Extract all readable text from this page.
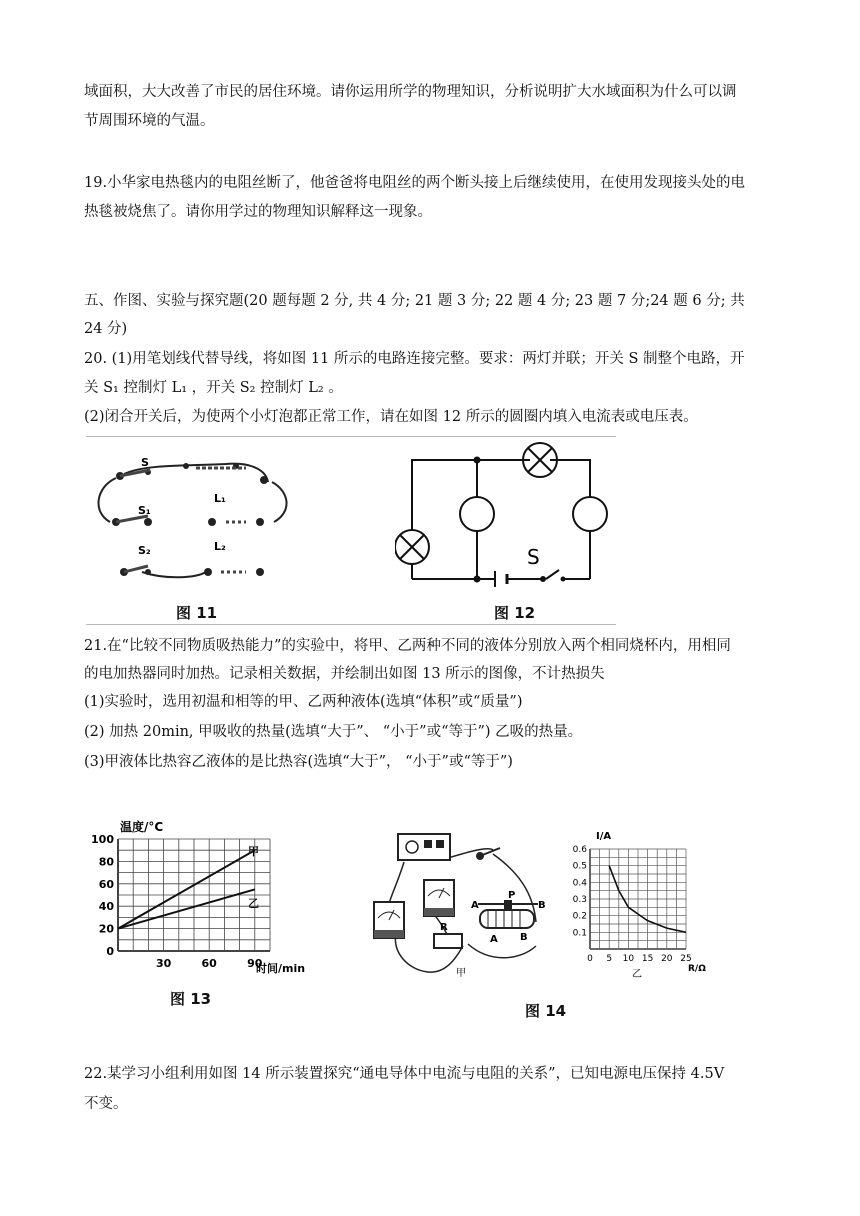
域面积，大大改善了市民的居住环境。请你运用所学的物理知识，分析说明扩大水域面积为什么可以调
节周围环境的气温。
19.小华家电热毯内的电阻丝断了，他爸爸将电阻丝的两个断头接上后继续使用，在使用发现接头处的电
热毯被烧焦了。请你用学过的物理知识解释这一现象。
五、作图、实验与探究题(20 题每题 2 分, 共 4 分; 21 题 3 分; 22 题 4 分; 23 题 7 分;24 题 6 分; 共
24 分)
20. (1)用笔划线代替导线，将如图 11 所示的电路连接完整。要求：两灯并联；开关 S 制整个电路，开
关 S₁ 控制灯 L₁ ，开关 S₂ 控制灯 L₂ 。
(2)闭合开关后，为使两个小灯泡都正常工作，请在如图 12 所示的圆圈内填入电流表或电压表。
S
S₁
L₁
S₂	L₂
图 11
S
图 12
21.在“比较不同物质吸热能力”的实验中，将甲、乙两种不同的液体分别放入两个相同烧杯内，用相同
的电加热器同时加热。记录相关数据，并绘制出如图 13 所示的图像，不计热损失
(1)实验时，选用初温和相等的甲、乙两种液体(选填“体积”或“质量”)
(2) 加热 20min, 甲吸收的热量(选填“大于”、 “小于”或“等于”) 乙吸的热量。
(3)甲液体比热容乙液体的是比热容(选填“大于”， “小于”或“等于”)
温度/°C
时间/min
甲
乙
100
80
60
40
20
0
30	60	90
图 13
A
P
B
A B
R
甲
I/A
R/Ω
乙
0.6
0.5
0.4
0.3
0.2
0.1
0 5 10 15 20 25
图 14
22.某学习小组利用如图 14 所示装置探究“通电导体中电流与电阻的关系”，已知电源电压保持 4.5V
不变。
